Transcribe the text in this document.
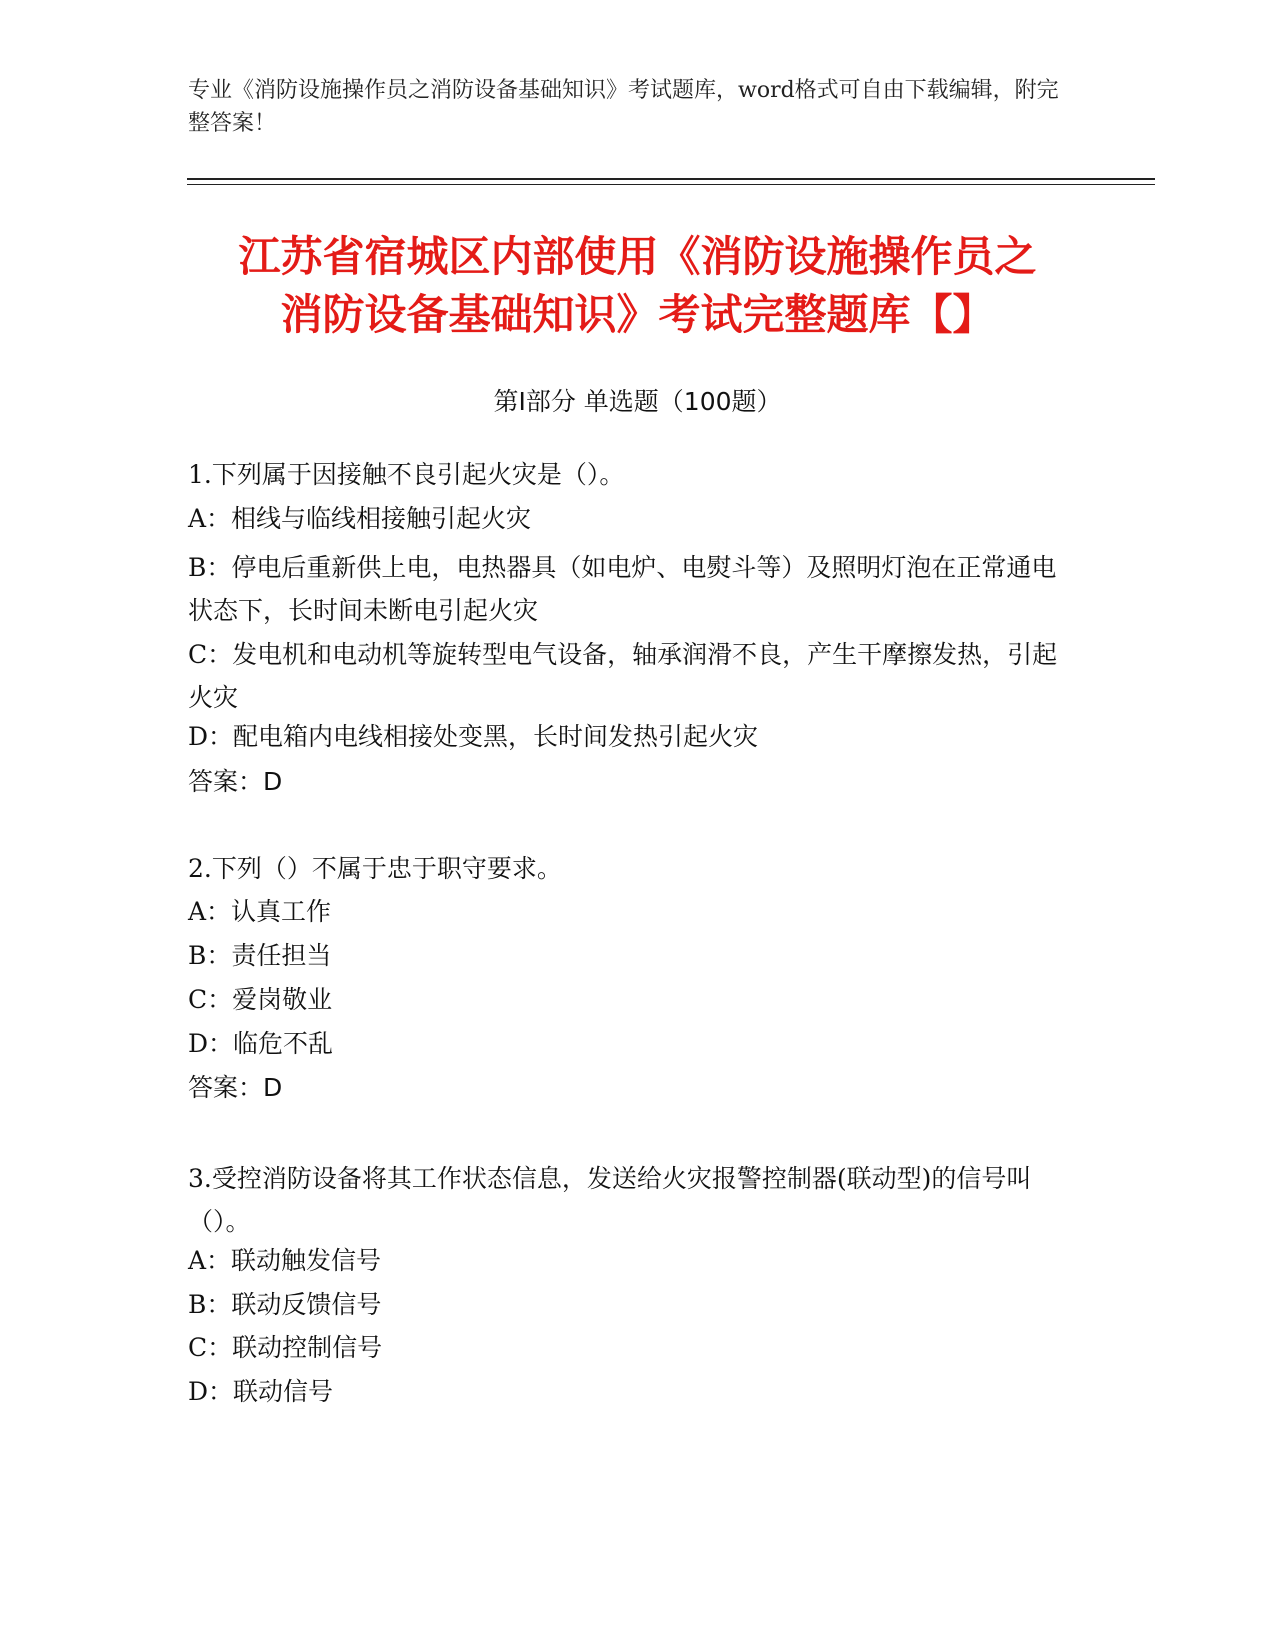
专业《消防设施操作员之消防设备基础知识》考试题库，word格式可自由下载编辑，附完整答案！
江苏省宿城区内部使用《消防设施操作员之
消防设备基础知识》考试完整题库【】
第Ⅰ部分 单选题（100题）
1.下列属于因接触不良引起火灾是（）。
A：相线与临线相接触引起火灾
B：停电后重新供上电，电热器具（如电炉、电熨斗等）及照明灯泡在正常通电状态下，长时间未断电引起火灾
C：发电机和电动机等旋转型电气设备，轴承润滑不良，产生干摩擦发热，引起火灾
D：配电箱内电线相接处变黑，长时间发热引起火灾
答案：D
2.下列（）不属于忠于职守要求。
A：认真工作
B：责任担当
C：爱岗敬业
D：临危不乱
答案：D
3.受控消防设备将其工作状态信息，发送给火灾报警控制器(联动型)的信号叫（）。
A：联动触发信号
B：联动反馈信号
C：联动控制信号
D：联动信号
